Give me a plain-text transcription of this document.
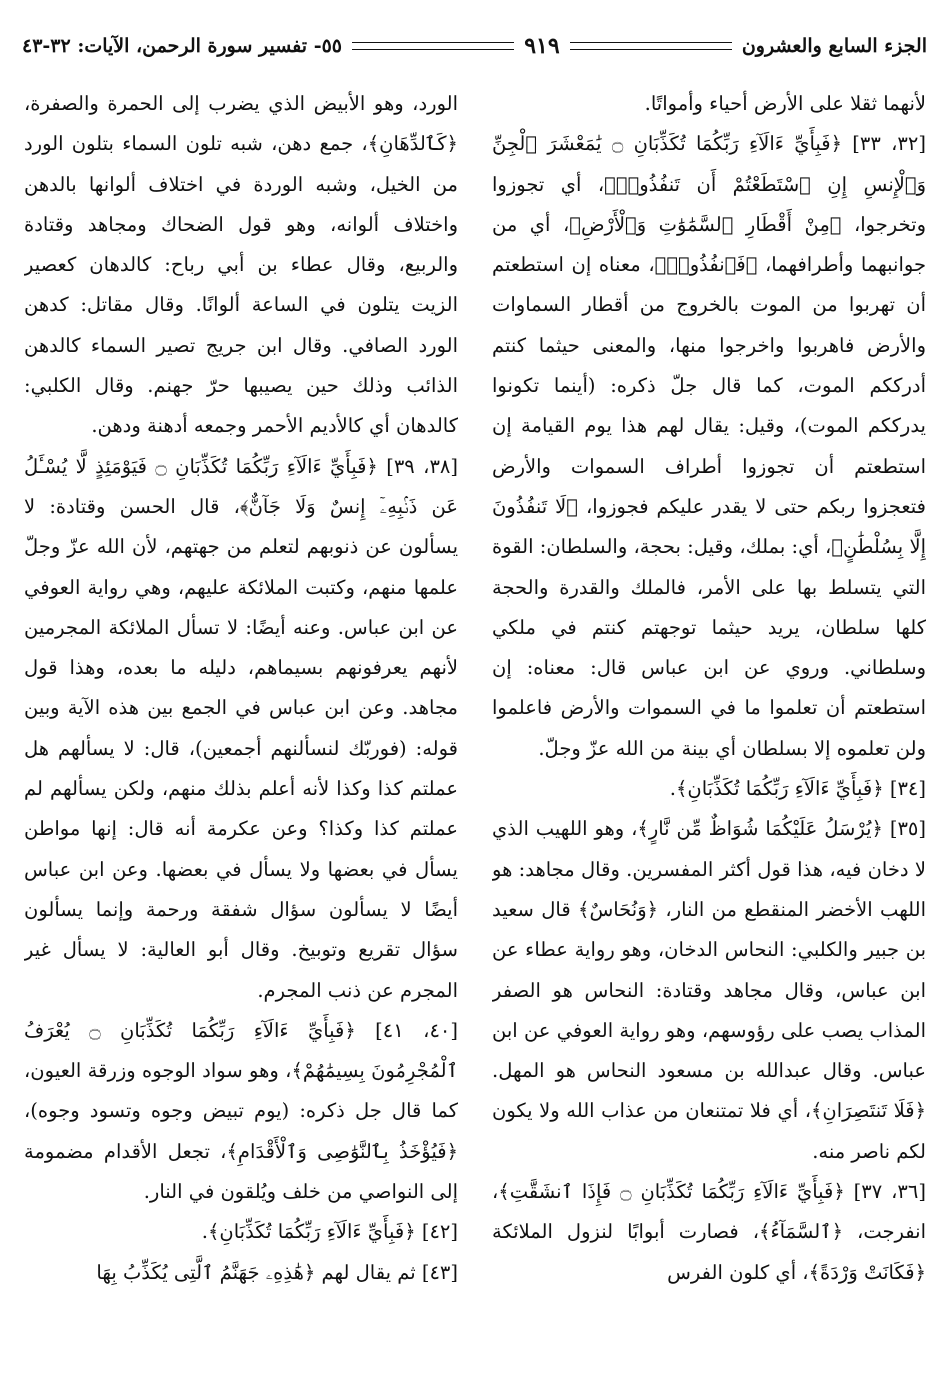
الجزء السابع والعشرون
٩١٩
٥٥- تفسير سورة الرحمن، الآيات: ٣٢-٤٣

لأنهما ثقلا على الأرض أحياء وأمواتًا.

[٣٢، ٣٣] ﴿فَبِأَيِّ ءَالَآءِ رَبِّكُمَا تُكَذِّبَانِ ۝ يَٰمَعْشَرَ ٱلْجِنِّ وَٱلْإِنسِ إِنِ ٱسْتَطَعْتُمْ أَن تَنفُذُوا۟﴾، أي تجوزوا وتخرجوا، ﴿مِنْ أَقْطَارِ ٱلسَّمَٰوَٰتِ وَٱلْأَرْضِ﴾، أي من جوانبهما وأطرافهما، ﴿فَٱنفُذُوا۟﴾، معناه إن استطعتم أن تهربوا من الموت بالخروج من أقطار السماوات والأرض فاهربوا واخرجوا منها، والمعنى حيثما كنتم أدرككم الموت، كما قال جلّ ذكره: (أينما تكونوا يدرككم الموت)، وقيل: يقال لهم هذا يوم القيامة إن استطعتم أن تجوزوا أطراف السموات والأرض فتعجزوا ربكم حتى لا يقدر عليكم فجوزوا، ﴿لَا تَنفُذُونَ إِلَّا بِسُلْطَٰنٍ﴾، أي: بملك، وقيل: بحجة، والسلطان: القوة التي يتسلط بها على الأمر، فالملك والقدرة والحجة كلها سلطان، يريد حيثما توجهتم كنتم في ملكي وسلطاني. وروي عن ابن عباس قال: معناه: إن استطعتم أن تعلموا ما في السموات والأرض فاعلموا ولن تعلموه إلا بسلطان أي بينة من الله عزّ وجلّ.

[٣٤] ﴿فَبِأَيِّ ءَالَآءِ رَبِّكُمَا تُكَذِّبَانِ﴾.

[٣٥] ﴿يُرْسَلُ عَلَيْكُمَا شُوَاظٌ مِّن نَّارٍ﴾، وهو اللهيب الذي لا دخان فيه، هذا قول أكثر المفسرين. وقال مجاهد: هو اللهب الأخضر المنقطع من النار، ﴿وَنُحَاسٌ﴾ قال سعيد بن جبير والكلبي: النحاس الدخان، وهو رواية عطاء عن ابن عباس، وقال مجاهد وقتادة: النحاس هو الصفر المذاب يصب على رؤوسهم، وهو رواية العوفي عن ابن عباس. وقال عبدالله بن مسعود النحاس هو المهل. ﴿فَلَا تَنتَصِرَانِ﴾، أي فلا تمتنعان من عذاب الله ولا يكون لكم ناصر منه.

[٣٦، ٣٧] ﴿فَبِأَيِّ ءَالَآءِ رَبِّكُمَا تُكَذِّبَانِ ۝ فَإِذَا ٱنشَقَّتِ﴾، انفرجت، ﴿ٱلسَّمَآءُ﴾، فصارت أبوابًا لنزول الملائكة ﴿فَكَانَتْ وَرْدَةً﴾، أي كلون الفرس

الورد، وهو الأبيض الذي يضرب إلى الحمرة والصفرة، ﴿كَٱلدِّهَانِ﴾، جمع دهن، شبه تلون السماء بتلون الورد من الخيل، وشبه الوردة في اختلاف ألوانها بالدهن واختلاف ألوانه، وهو قول الضحاك ومجاهد وقتادة والربيع، وقال عطاء بن أبي رباح: كالدهان كعصير الزيت يتلون في الساعة ألوانًا. وقال مقاتل: كدهن الورد الصافي. وقال ابن جريج تصير السماء كالدهن الذائب وذلك حين يصيبها حرّ جهنم. وقال الكلبي: كالدهان أي كالأديم الأحمر وجمعه أدهنة ودهن.

[٣٨، ٣٩] ﴿فَبِأَيِّ ءَالَآءِ رَبِّكُمَا تُكَذِّبَانِ ۝ فَيَوْمَئِذٍ لَّا يُسْـَٔلُ عَن ذَنۢبِهِۦٓ إِنسٌ وَلَا جَآنٌّ﴾، قال الحسن وقتادة: لا يسألون عن ذنوبهم لتعلم من جهتهم، لأن الله عزّ وجلّ علمها منهم، وكتبت الملائكة عليهم، وهي رواية العوفي عن ابن عباس. وعنه أيضًا: لا تسأل الملائكة المجرمين لأنهم يعرفونهم بسيماهم، دليله ما بعده، وهذا قول مجاهد. وعن ابن عباس في الجمع بين هذه الآية وبين قوله: (فوربّك لنسألنهم أجمعين)، قال: لا يسألهم هل عملتم كذا وكذا لأنه أعلم بذلك منهم، ولكن يسألهم لم عملتم كذا وكذا؟ وعن عكرمة أنه قال: إنها مواطن يسأل في بعضها ولا يسأل في بعضها. وعن ابن عباس أيضًا لا يسألون سؤال شفقة ورحمة وإنما يسألون سؤال تقريع وتوبيخ. وقال أبو العالية: لا يسأل غير المجرم عن ذنب المجرم.

[٤٠، ٤١] ﴿فَبِأَيِّ ءَالَآءِ رَبِّكُمَا تُكَذِّبَانِ ۝ يُعْرَفُ ٱلْمُجْرِمُونَ بِسِيمَٰهُمْ﴾، وهو سواد الوجوه وزرقة العيون، كما قال جل ذكره: (يوم تبيض وجوه وتسود وجوه)، ﴿فَيُؤْخَذُ بِٱلنَّوَٰصِى وَٱلْأَقْدَامِ﴾، تجعل الأقدام مضمومة إلى النواصي من خلف ويُلقون في النار.

[٤٢] ﴿فَبِأَيِّ ءَالَآءِ رَبِّكُمَا تُكَذِّبَانِ﴾.

[٤٣] ثم يقال لهم ﴿هَٰذِهِۦ جَهَنَّمُ ٱلَّتِى يُكَذِّبُ بِهَا
